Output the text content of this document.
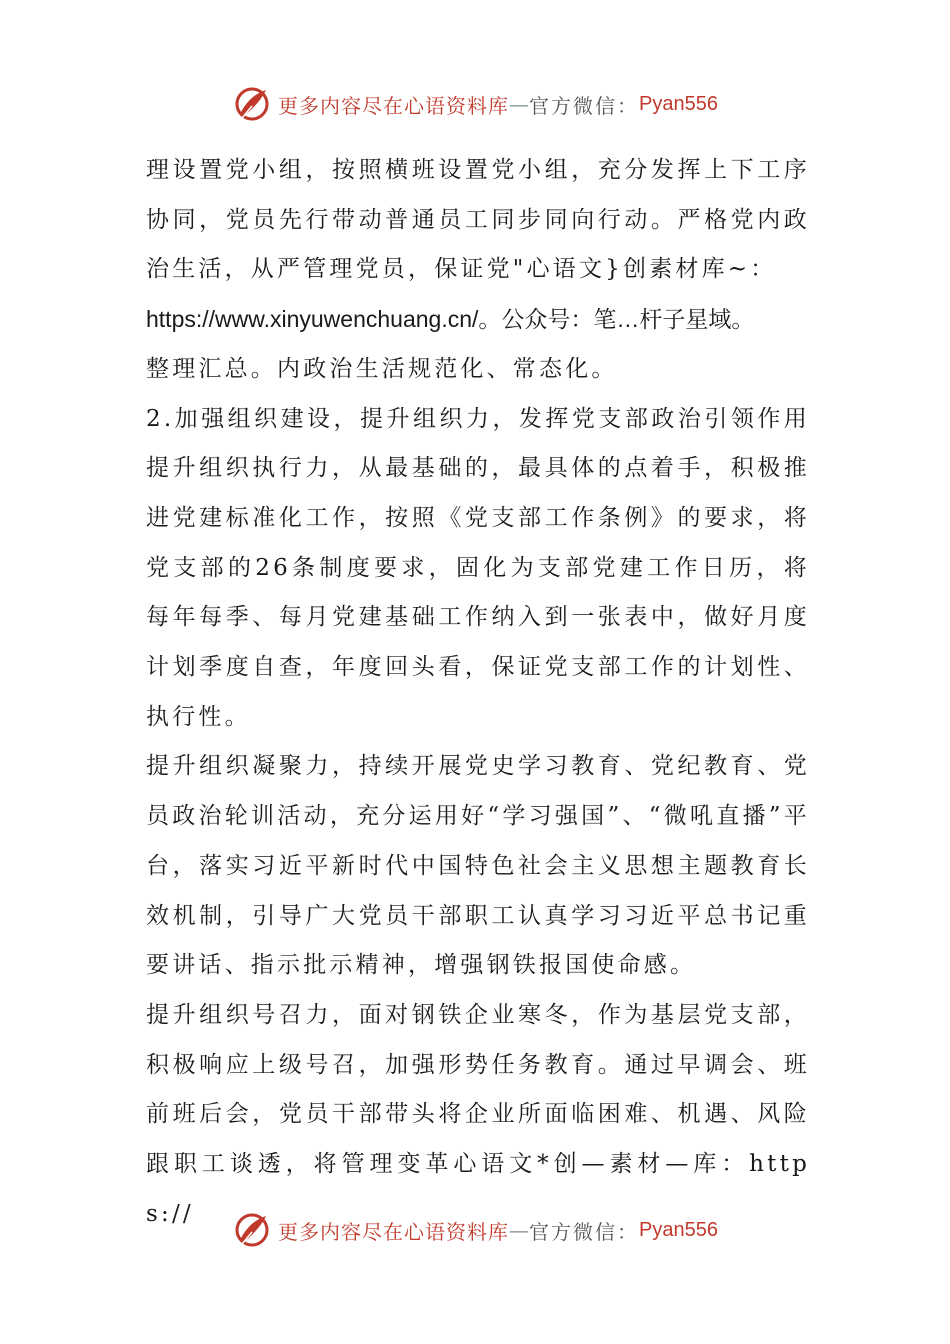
更多内容尽在心语资料库 — 官方微信： Pyan556

理设置党小组，按照横班设置党小组，充分发挥上下工序协同，党员先行带动普通员工同步同向行动。严格党内政治生活，从严管理党员，保证党"心语文}创素材库~：

https://www.xinyuwenchuang.cn/。公众号：笔…杆子星域。

整理汇总。内政治生活规范化、常态化。

2.加强组织建设，提升组织力，发挥党支部政治引领作用提升组织执行力，从最基础的，最具体的点着手，积极推进党建标准化工作，按照《党支部工作条例》的要求，将党支部的26条制度要求，固化为支部党建工作日历，将每年每季、每月党建基础工作纳入到一张表中，做好月度计划季度自查，年度回头看，保证党支部工作的计划性、执行性。

提升组织凝聚力，持续开展党史学习教育、党纪教育、党员政治轮训活动，充分运用好“学习强国”、“微吼直播”平台，落实习近平新时代中国特色社会主义思想主题教育长效机制，引导广大党员干部职工认真学习习近平总书记重要讲话、指示批示精神，增强钢铁报国使命感。

提升组织号召力，面对钢铁企业寒冬，作为基层党支部，积极响应上级号召，加强形势任务教育。通过早调会、班前班后会，党员干部带头将企业所面临困难、机遇、风险跟职工谈透，将管理变革心语文*创—素材—库：https://

更多内容尽在心语资料库 — 官方微信： Pyan556
